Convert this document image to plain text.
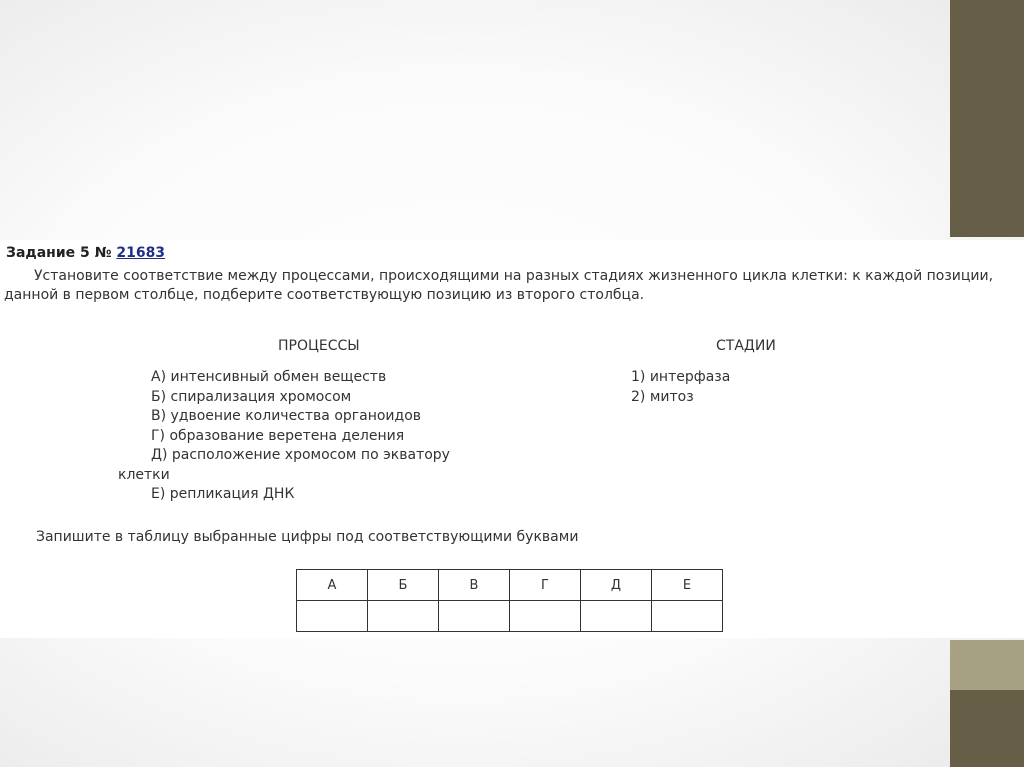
Задание 5 № 21683

Установите соответствие между процессами, происходящими на разных стадиях жизненного цикла клетки: к каждой позиции, данной в первом столбце, подберите соответствующую позицию из второго столбца.

ПРОЦЕССЫ	СТАДИИ

А) интенсивный обмен веществ

Б) спирализация хромосом

В) удвоение количества органоидов

Г) образование веретена деления

Д) расположение хромосом по экватору клетки

Е) репликация ДНК

1) интерфаза

2) митоз

Запишите в таблицу выбранные цифры под соответствующими буквами
А	Б	В	Г	Д	Е
